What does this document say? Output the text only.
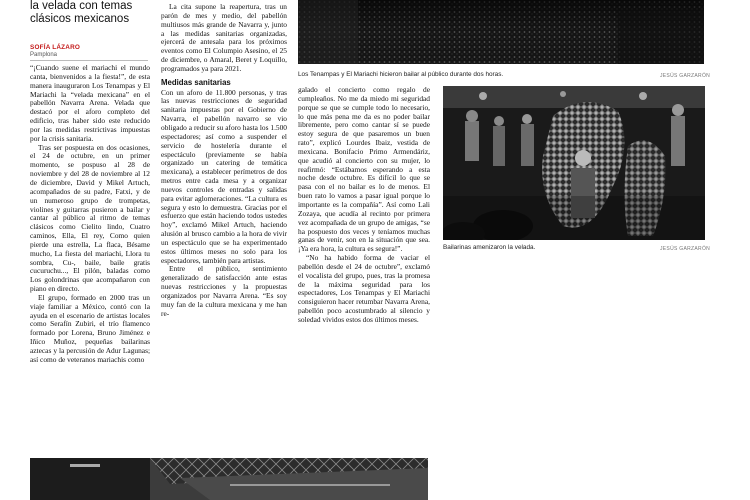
la velada con temas clásicos mexicanos
SOFÍA LÁZARO
Pamplona

“¡Cuando suene el mariachi el mundo canta, bienvenidos a la fiesta!”, de esta manera inauguraron Los Tenampas y El Mariachi la “velada mexicana” en el pabellón Navarra Arena. Velada que destacó por el aforo completo del edificio, tras haber sido este reducido por las medidas restrictivas impuestas por la crisis sanitaria.

Tras ser pospuesta en dos ocasiones, el 24 de octubre, en un primer momento, se pospuso al 28 de noviembre y del 28 de noviembre al 12 de diciembre, David y Mikel Artuch, acompañados de su padre, Fatxi, y de un numeroso grupo de trompetas, violines y guitarras pusieron a bailar y cantar al público al ritmo de temas clásicos como Cielito lindo, Cuatro caminos, Ella, El rey, Como quien pierde una estrella, La flaca, Bésame mucho, La fiesta del mariachi, Llora tu sombra, Cu-, baile, baile gratis cucuruchu..., El pilón, baladas como Los golondrinas que acompañaron con piano en directo.

El grupo, formado en 2000 tras un viaje familiar a México, contó con la ayuda en el escenario de artistas locales como Serafín Zubiri, el trío flamenco formado por Lorena, Bruno Jiménez e Iñico Muñoz, pequeñas bailarinas aztecas y la percusión de Adur Lagunas; así como de veteranos mariachis como

La cita supone la reapertura, tras un parón de mes y medio, del pabellón multiusos más grande de Navarra y, junto a las medidas sanitarias organizadas, ejercerá de antesala para los próximos eventos como El Columpio Asesino, el 25 de diciembre, o Amaral, Beret y Loquillo, programados ya para 2021.

Medidas sanitarias

Con un aforo de 11.800 personas, y tras las nuevas restricciones de seguridad sanitaria impuestas por el Gobierno de Navarra, el pabellón navarro se vio obligado a reducir su aforo hasta los 1.500 espectadores; así como a suspender el servicio de hostelería durante el espectáculo (previamente se había organizado un catering de temática mexicana), a establecer perímetros de dos metros entre cada mesa y a organizar nuevos controles de entradas y salidas para evitar aglomeraciones. “La cultura es segura y esto lo demuestra. Gracias por el esfuerzo que están haciendo todos ustedes hoy”, exclamó Mikel Artuch, haciendo alusión al brusco cambio a la hora de vivir un espectáculo que se ha experimentado estos últimos meses no solo para los espectadores, también para artistas.

Entre el público, sentimiento generalizado de satisfacción ante estas nuevas restricciones y la propuestas organizados por Navarra Arena. “Es soy muy fan de la cultura mexicana y me han re-

Los Tenampas y El Mariachi hicieron bailar al público durante dos horas.	JESÚS GARZARÓN

galado el concierto como regalo de cumpleaños. No me da miedo mi seguridad porque se que se cumple todo lo necesario, lo que más pena me da es no poder bailar libremente, pero como cantar sí se puede estoy segura de que pasaremos un buen rato”, explicó Lourdes Ibaiz, vestida de mexicana. Bonifacio Primo Armendáriz, que acudió al concierto con su mujer, lo reafirmó: “Estábamos esperando a esta noche desde octubre. Es difícil lo que se pasa con el no bailar es lo de menos. El buen rato lo vamos a pasar igual porque lo importante es la compañía”. Así como Lali Zozaya, que acudía al recinto por primera vez acompañada de un grupo de amigas, “se ha pospuesto dos veces y teníamos muchas ganas de venir, son en la situación que sea. ¡Ya era hora, la cultura es segura!”.

“No ha habido forma de vaciar el pabellón desde el 24 de octubre”, exclamó el vocalista del grupo, pues, tras la promesa de la máxima seguridad para los espectadores, Los Tenampas y El Mariachi consiguieron hacer retumbar Navarra Arena, pabellón poco acostumbrado al silencio y soledad vividos estos dos últimos meses.

Bailarinas amenizaron la velada.	JESÚS GARZARÓN
